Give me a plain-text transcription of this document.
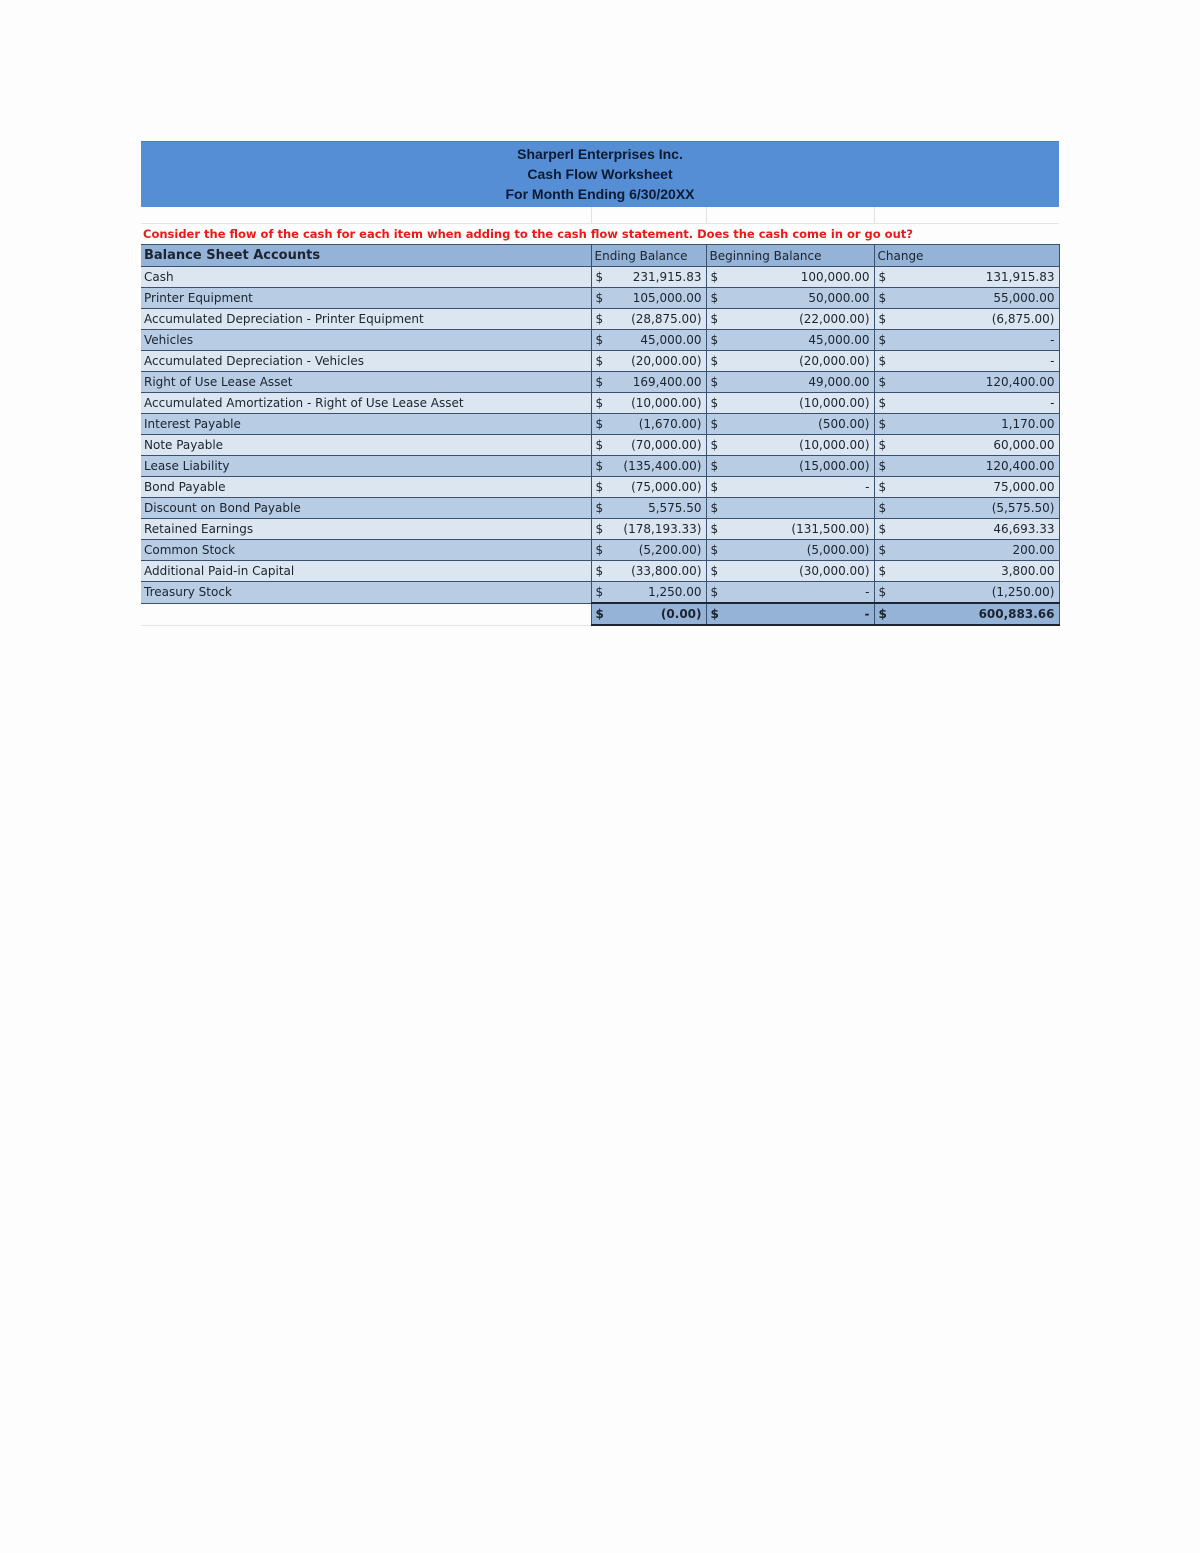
Sharperl Enterprises Inc.
Cash Flow Worksheet
For Month Ending 6/30/20XX
Consider the flow of the cash for each item when adding to the cash flow statement. Does the cash come in or go out?
Balance Sheet Accounts	Ending Balance	Beginning Balance	Change
Cash	$ 231,915.83	$ 100,000.00	$ 131,915.83

Printer Equipment	$ 105,000.00	$ 50,000.00	$ 55,000.00

Accumulated Depreciation - Printer Equipment	$ (28,875.00)	$ (22,000.00)	$ (6,875.00)

Vehicles	$ 45,000.00	$ 45,000.00	$ -

Accumulated Depreciation - Vehicles	$ (20,000.00)	$ (20,000.00)	$ -

Right of Use Lease Asset	$ 169,400.00	$ 49,000.00	$ 120,400.00

Accumulated Amortization - Right of Use Lease Asset	$ (10,000.00)	$ (10,000.00)	$ -

Interest Payable	$ (1,670.00)	$ (500.00)	$ 1,170.00

Note Payable	$ (70,000.00)	$ (10,000.00)	$ 60,000.00

Lease Liability	$ (135,400.00)	$ (15,000.00)	$ 120,400.00

Bond Payable	$ (75,000.00)	$ -	$ 75,000.00

Discount on Bond Payable	$ 5,575.50	$	$ (5,575.50)

Retained Earnings	$ (178,193.33)	$ (131,500.00)	$ 46,693.33

Common Stock	$ (5,200.00)	$ (5,000.00)	$ 200.00

Additional Paid-in Capital	$ (33,800.00)	$ (30,000.00)	$ 3,800.00

Treasury Stock	$ 1,250.00	$ -	$ (1,250.00)

	$ (0.00)	$ -	$ 600,883.66
